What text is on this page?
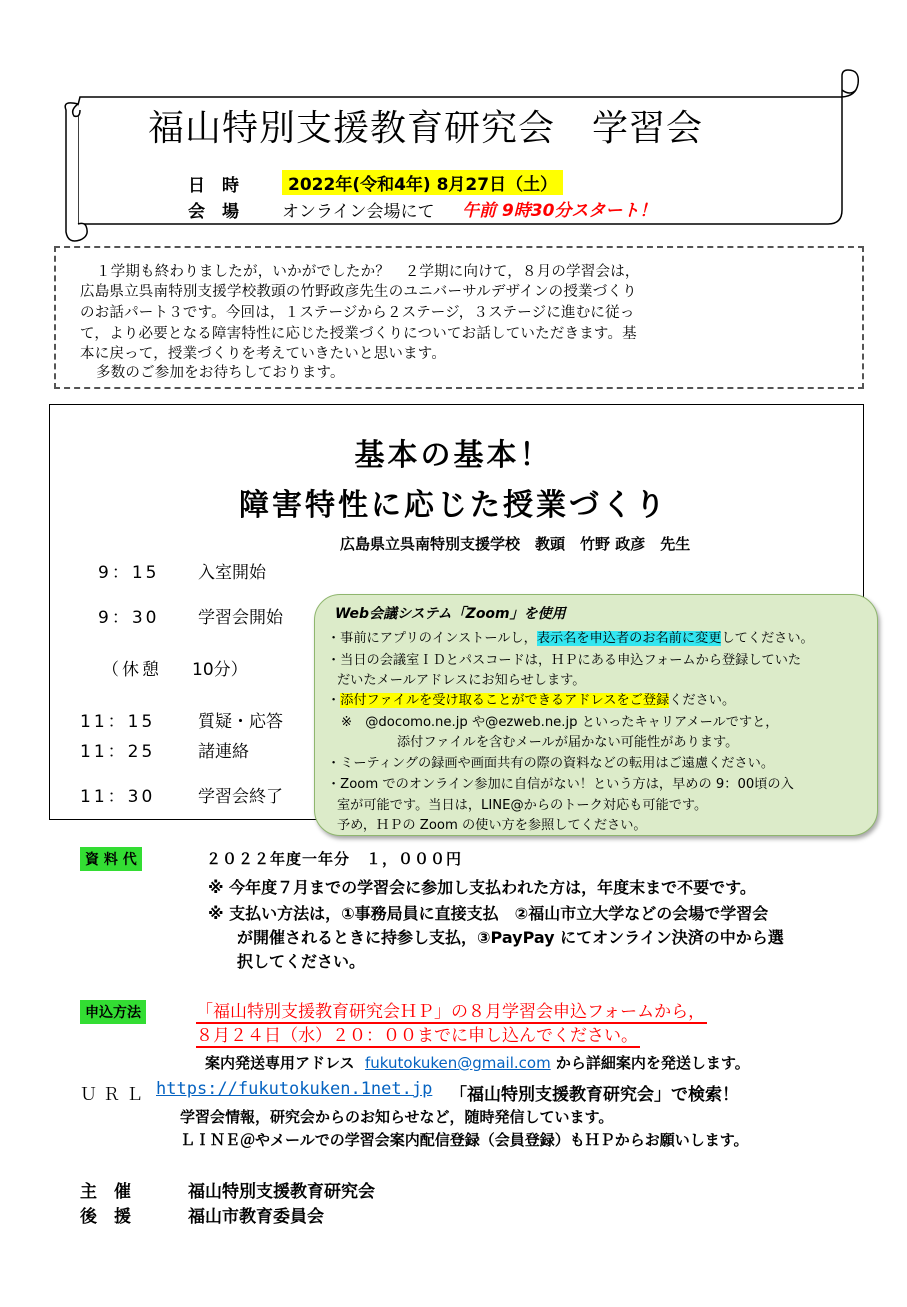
福山特別支援教育研究会　学習会
日　時	2022年(令和4年) 8月27日（土）
会　場	オンライン会場にて 午前 9時30分スタート！
１学期も終わりましたが，いかがでしたか？　２学期に向けて，８月の学習会は，
広島県立呉南特別支援学校教頭の竹野政彦先生のユニバーサルデザインの授業づくり
のお話パート３です。今回は，１ステージから２ステージ，３ステージに進むに従っ
て，より必要となる障害特性に応じた授業づくりについてお話していただきます。基
本に戻って，授業づくりを考えていきたいと思います。
多数のご参加をお待ちしております。
基本の基本！
障害特性に応じた授業づくり
広島県立呉南特別支援学校　教頭　竹野 政彦　先生
9：15 入室開始
9：30 学習会開始
（休憩 10分）
11：15	質疑・応答
11：25	諸連絡
11：30	学習会終了
Web会議システム「Zoom」を使用
・事前にアプリのインストールし，表示名を申込者のお名前に変更してください。
・当日の会議室ＩＤとパスコードは，ＨＰにある申込フォームから登録していた
だいたメールアドレスにお知らせします。
・添付ファイルを受け取ることができるアドレスをご登録ください。
※　@docomo.ne.jp や@ezweb.ne.jp といったキャリアメールですと，
添付ファイルを含むメールが届かない可能性があります。
・ミーティングの録画や画面共有の際の資料などの転用はご遠慮ください。
・Zoom でのオンライン参加に自信がない！という方は，早めの 9：00頃の入
室が可能です。当日は，LINE@からのトーク対応も可能です。
予め，ＨＰの Zoom の使い方を参照してください。
資 料 代	２０２２年度一年分　１，０００円
※ 今年度７月までの学習会に参加し支払われた方は，年度末まで不要です。
※ 支払い方法は，①事務局員に直接支払　②福山市立大学などの会場で学習会
が開催されるときに持参し支払，③PayPay にてオンライン決済の中から選
択してください。
申込方法	「福山特別支援教育研究会ＨＰ」の８月学習会申込フォームから，
８月２４日（水）２０：００までに申し込んでください。
案内発送専用アドレス fukutokuken@gmail.com から詳細案内を発送します。
ＵＲＬ https://fukutokuken.1net.jp 「福山特別支援教育研究会」で検索！
学習会情報，研究会からのお知らせなど，随時発信しています。
ＬＩＮＥ＠やメールでの学習会案内配信登録（会員登録）もＨＰからお願いします。
主　催	福山特別支援教育研究会
後　援	福山市教育委員会
